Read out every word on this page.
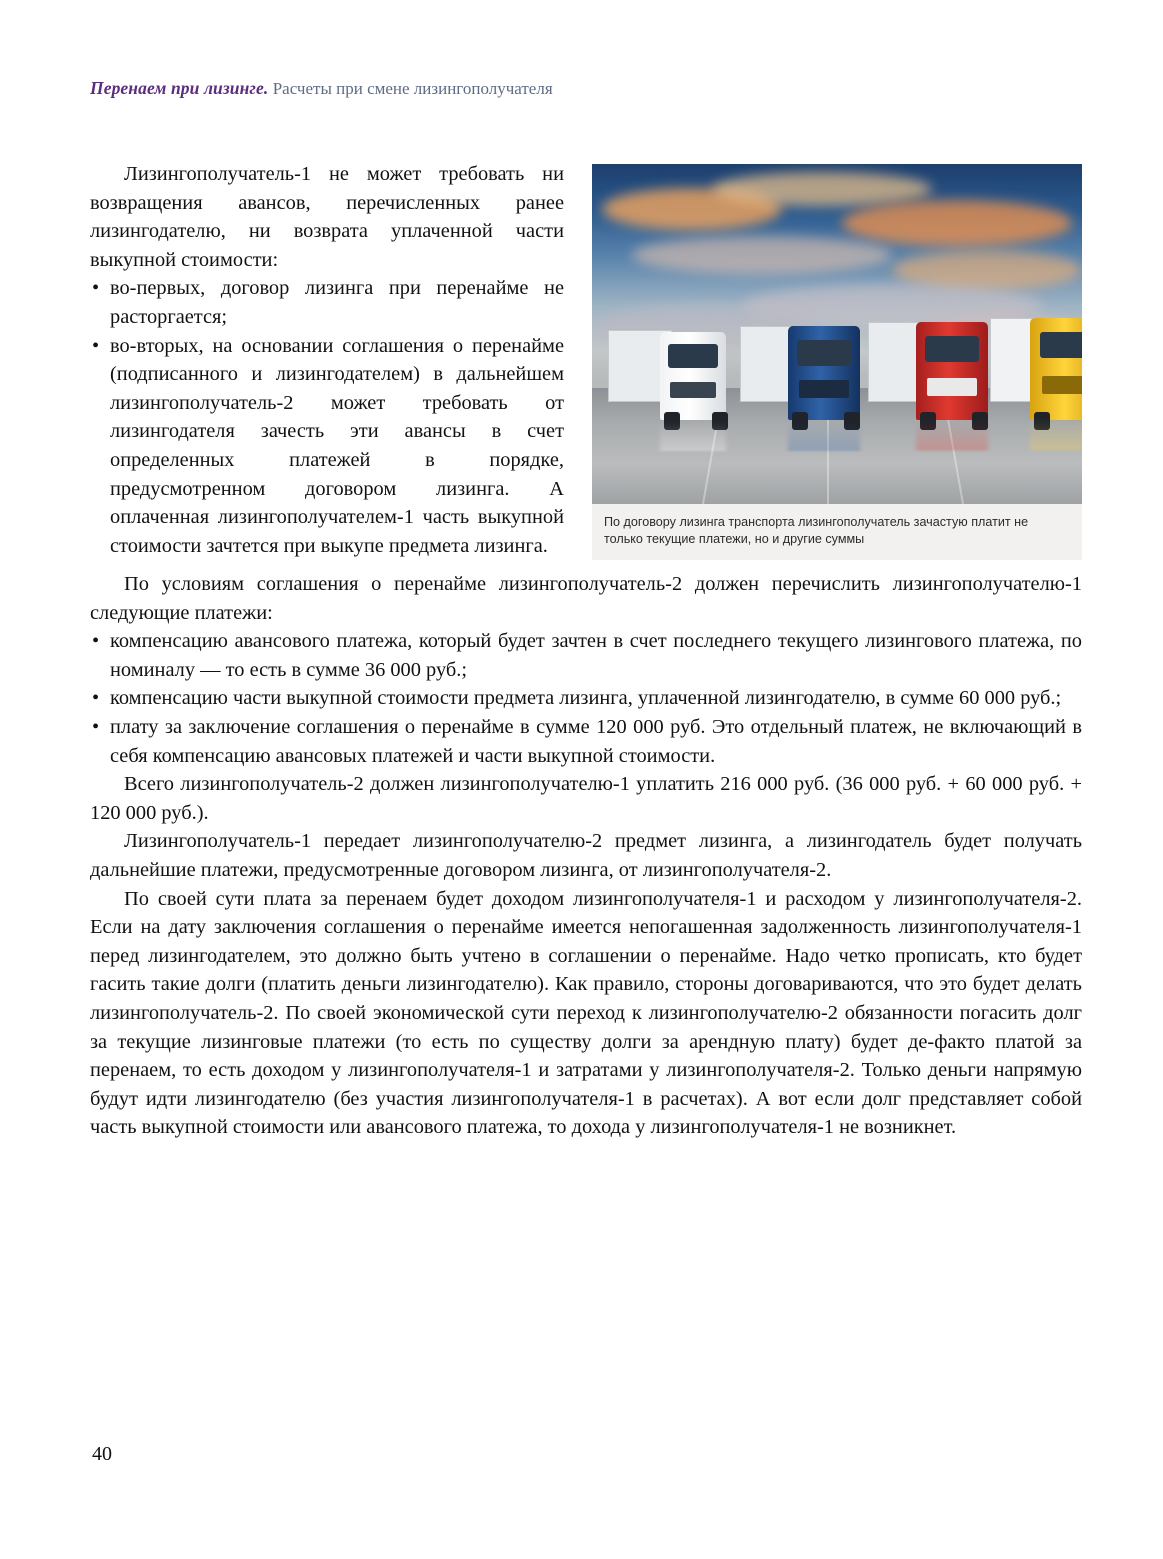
Перенаем при лизинге. Расчеты при смене лизингополучателя
По договору лизинга транспорта лизингополучатель зачастую платит не только текущие платежи, но и другие суммы

Лизингополучатель-1 не может требовать ни возвращения авансов, перечисленных ранее лизингодателю, ни возврата уплаченной части выкупной стоимости:

• во-первых, договор лизинга при перенайме не расторгается;
• во-вторых, на основании соглашения о перенайме (подписанного и лизингодателем) в дальнейшем лизингополучатель-2 может требовать от лизингодателя зачесть эти авансы в счет определенных платежей в порядке, предусмотренном договором лизинга. А оплаченная лизингополучателем-1 часть выкупной стоимости зачтется при выкупе предмета лизинга.

По условиям соглашения о перенайме лизингополучатель-2 должен перечислить лизингополучателю-1 следующие платежи:

• компенсацию авансового платежа, который будет зачтен в счет последнего текущего лизингового платежа, по номиналу — то есть в сумме 36 000 руб.;
• компенсацию части выкупной стоимости предмета лизинга, уплаченной лизингодателю, в сумме 60 000 руб.;
• плату за заключение соглашения о перенайме в сумме 120 000 руб. Это отдельный платеж, не включающий в себя компенсацию авансовых платежей и части выкупной стоимости.

Всего лизингополучатель-2 должен лизингополучателю-1 уплатить 216 000 руб. (36 000 руб. + 60 000 руб. + 120 000 руб.).

Лизингополучатель-1 передает лизингополучателю-2 предмет лизинга, а лизингодатель будет получать дальнейшие платежи, предусмотренные договором лизинга, от лизингополучателя-2.

По своей сути плата за перенаем будет доходом лизингополучателя-1 и расходом у лизингополучателя-2. Если на дату заключения соглашения о перенайме имеется непогашенная задолженность лизингополучателя-1 перед лизингодателем, это должно быть учтено в соглашении о перенайме. Надо четко прописать, кто будет гасить такие долги (платить деньги лизингодателю). Как правило, стороны договариваются, что это будет делать лизингополучатель-2. По своей экономической сути переход к лизингополучателю-2 обязанности погасить долг за текущие лизинговые платежи (то есть по существу долги за арендную плату) будет де-факто платой за перенаем, то есть доходом у лизингополучателя-1 и затратами у лизингополучателя-2. Только деньги напрямую будут идти лизингодателю (без участия лизингополучателя-1 в расчетах). А вот если долг представляет собой часть выкупной стоимости или авансового платежа, то дохода у лизингополучателя-1 не возникнет.

40
